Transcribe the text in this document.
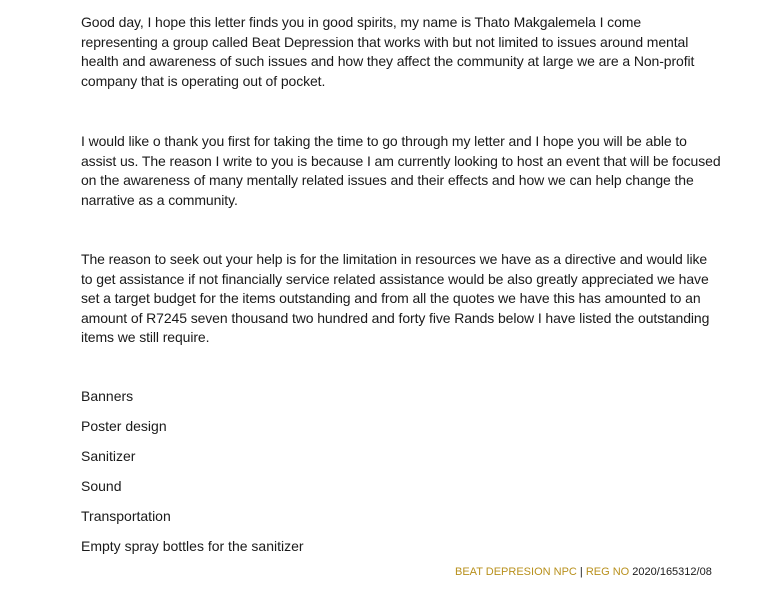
Good day, I hope this letter finds you in good spirits, my name is Thato Makgalemela I come representing a group called Beat Depression that works with but not limited to issues around mental health and awareness of such issues and how they affect the community at large we are a Non-profit company that is operating out of pocket.

I would like o thank you first for taking the time to go through my letter and I hope you will be able to assist us. The reason I write to you is because I am currently looking to host an event that will be focused on the awareness of many mentally related issues and their effects and how we can help change the narrative as a community.

The reason to seek out your help is for the limitation in resources we have as a directive and would like to get assistance if not financially service related assistance would be also greatly appreciated we have set a target budget for the items outstanding and from all the quotes we have this has amounted to an amount of R7245 seven thousand two hundred and forty five Rands below I have listed the outstanding items we still require.

Banners
Poster design
Sanitizer
Sound
Transportation
Empty spray bottles for the sanitizer
BEAT DEPRESION NPC | REG NO 2020/165312/08
